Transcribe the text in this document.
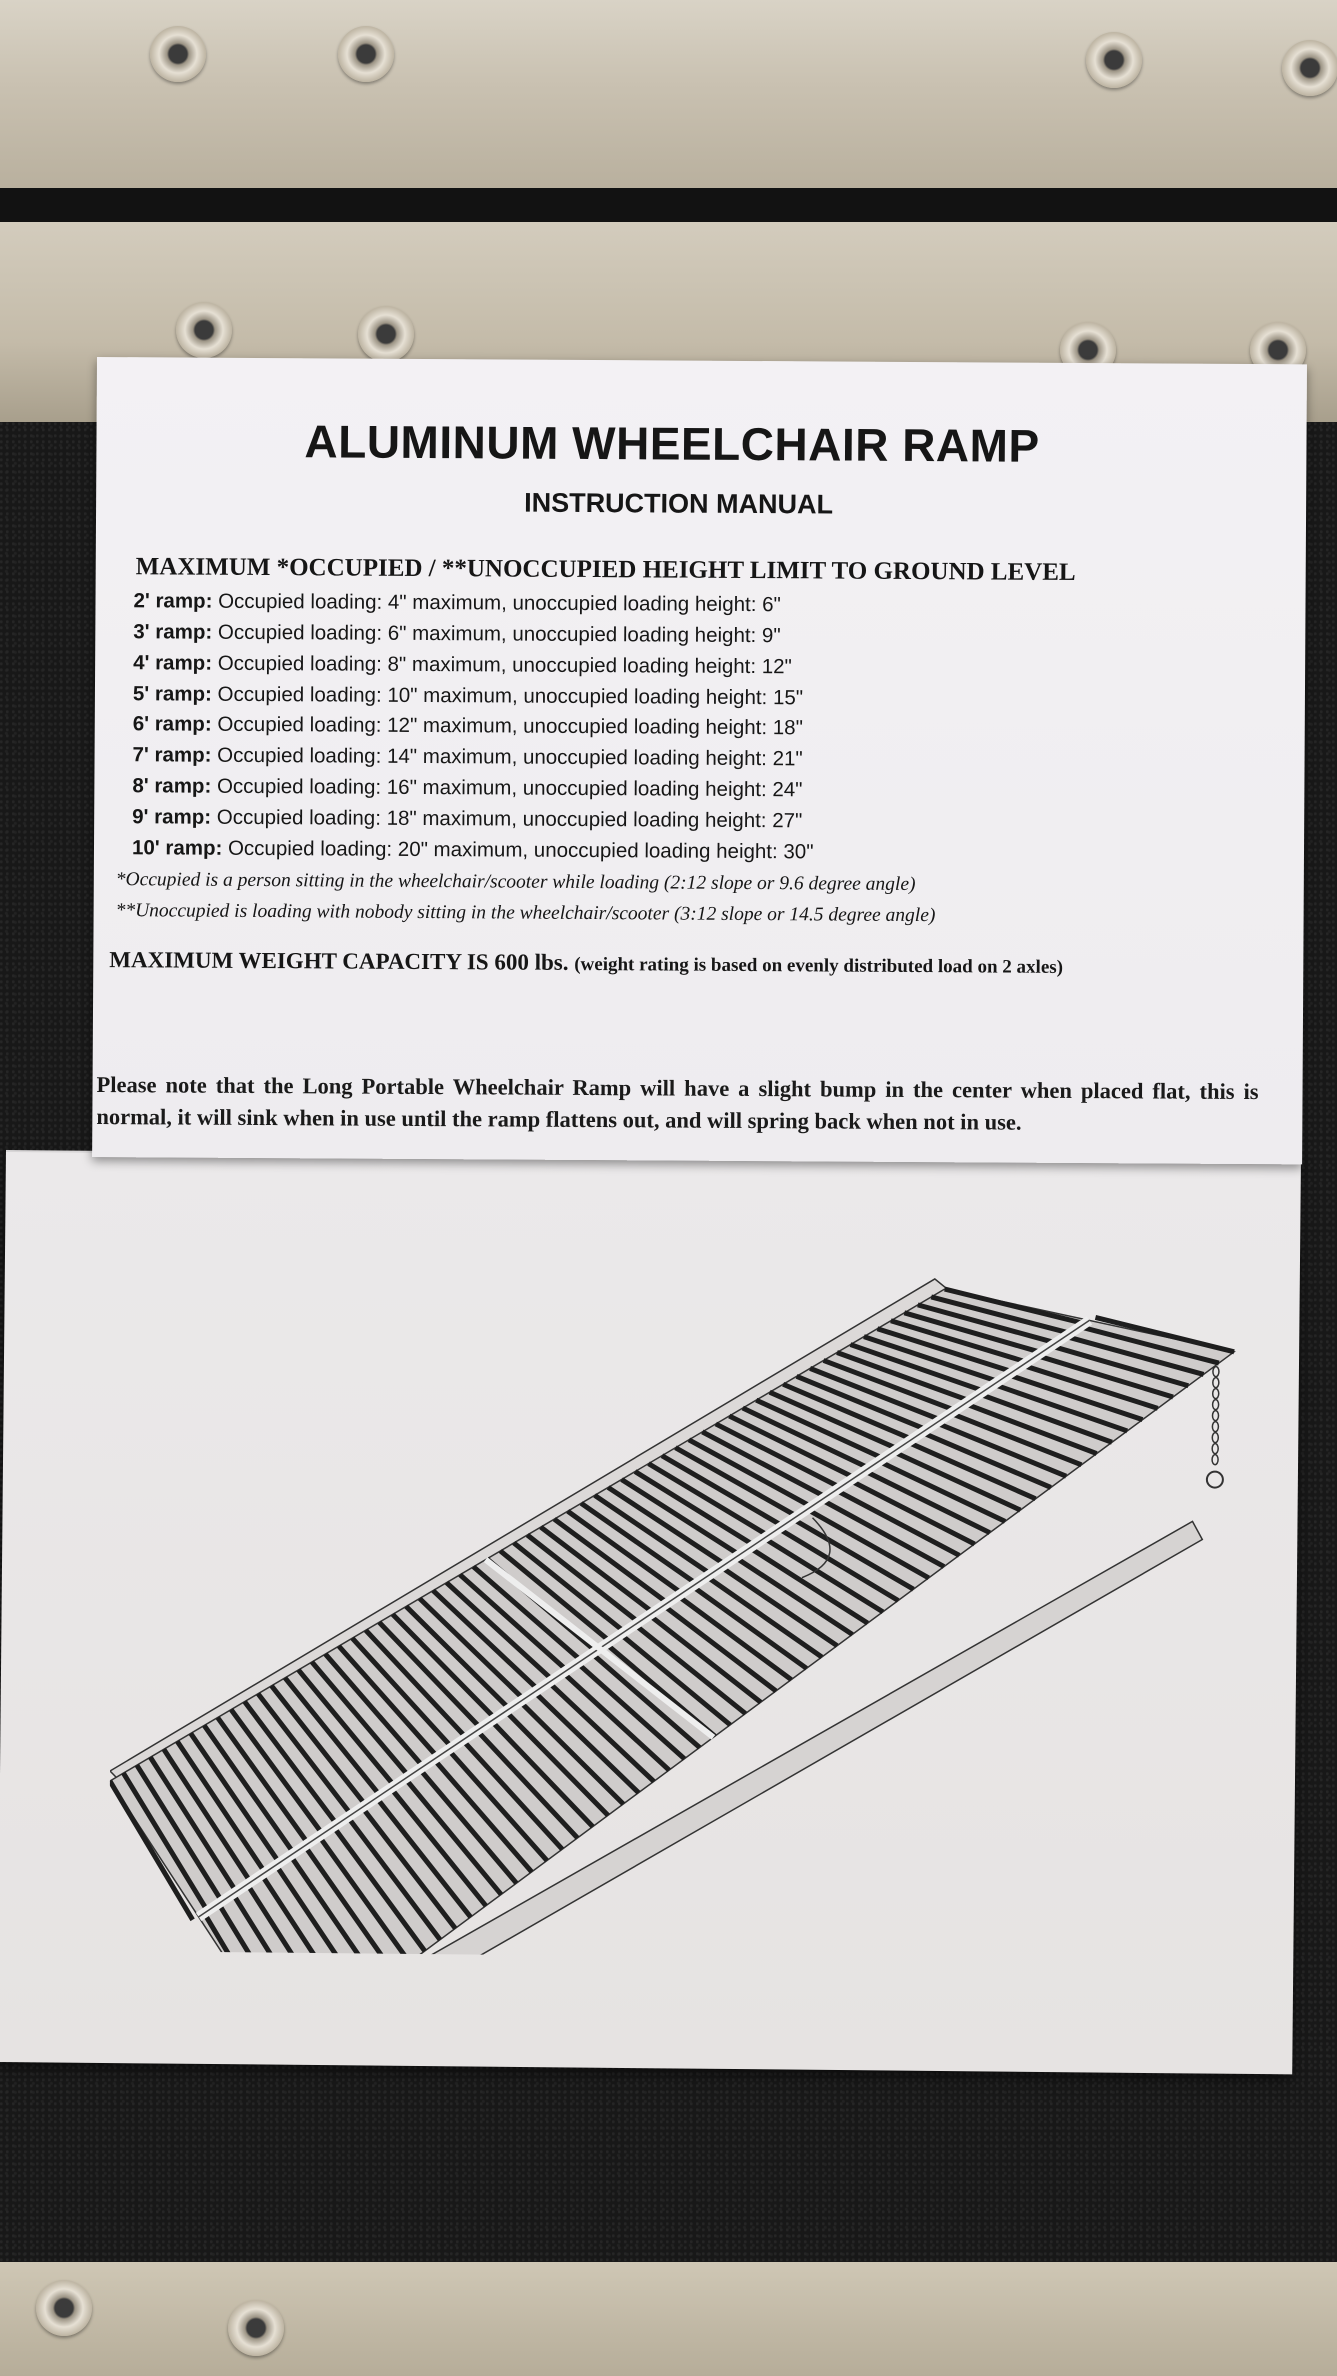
ALUMINUM WHEELCHAIR RAMP
INSTRUCTION MANUAL
MAXIMUM *OCCUPIED / **UNOCCUPIED HEIGHT LIMIT TO GROUND LEVEL
2' ramp: Occupied loading: 4" maximum, unoccupied loading height: 6"
3' ramp: Occupied loading: 6" maximum, unoccupied loading height: 9"
4' ramp: Occupied loading: 8" maximum, unoccupied loading height: 12"
5' ramp: Occupied loading: 10" maximum, unoccupied loading height: 15"
6' ramp: Occupied loading: 12" maximum, unoccupied loading height: 18"
7' ramp: Occupied loading: 14" maximum, unoccupied loading height: 21"
8' ramp: Occupied loading: 16" maximum, unoccupied loading height: 24"
9' ramp: Occupied loading: 18" maximum, unoccupied loading height: 27"
10' ramp: Occupied loading: 20" maximum, unoccupied loading height: 30"
*Occupied is a person sitting in the wheelchair/scooter while loading (2:12 slope or 9.6 degree angle)
**Unoccupied is loading with nobody sitting in the wheelchair/scooter (3:12 slope or 14.5 degree angle)
MAXIMUM WEIGHT CAPACITY IS 600 lbs. (weight rating is based on evenly distributed load on 2 axles)
Please note that the Long Portable Wheelchair Ramp will have a slight bump in the center when placed flat, this is normal, it will sink when in use until the ramp flattens out, and will spring back when not in use.
